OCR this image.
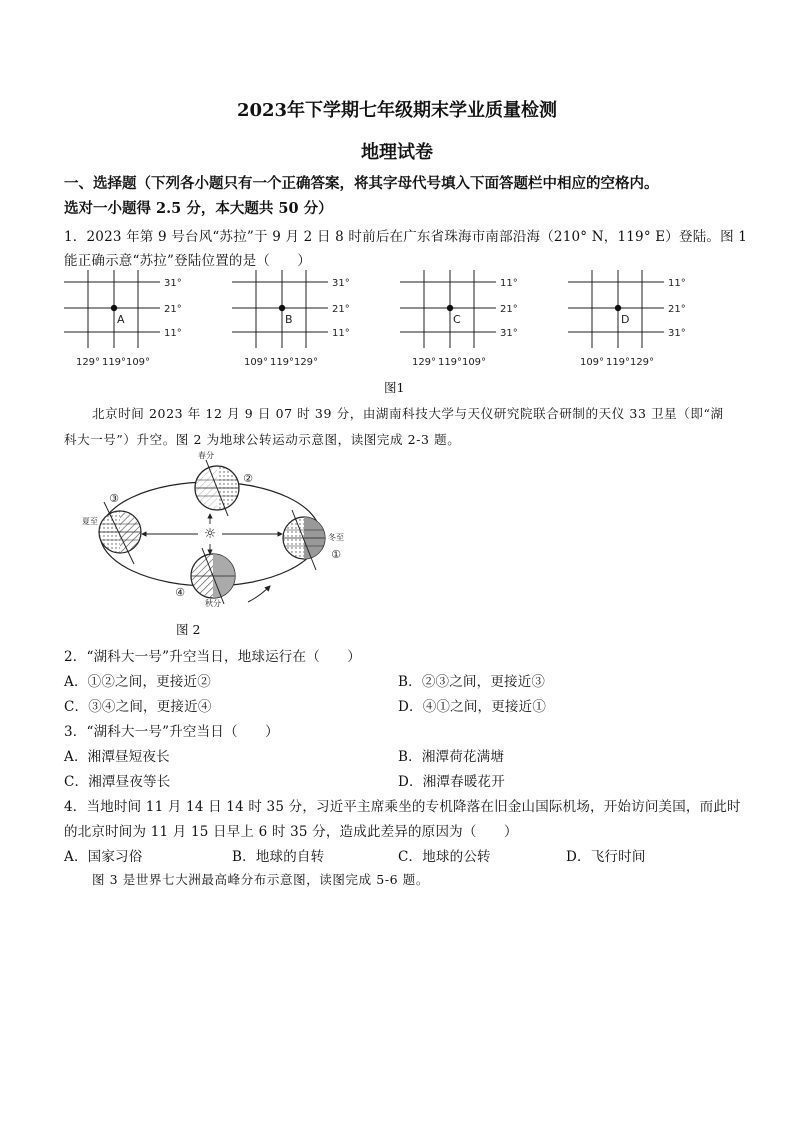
2023年下学期七年级期末学业质量检测
地理试卷
一、选择题（下列各小题只有一个正确答案，将其字母代号填入下面答题栏中相应的空格内。
选对一小题得 2.5 分，本大题共 50 分）
1．2023 年第 9 号台风“苏拉”于 9 月 2 日 8 时前后在广东省珠海市南部沿海（210° N，119° E）登陆。图 1
能正确示意“苏拉”登陆位置的是（　　）
31°
21°
11°
129° 119° 109°
A
31°
21°
11°
109° 119° 129°
B
11°
21°
31°
129° 119° 109°
C
11°
21°
31°
109° 119° 129°
D
图1
北京时间 2023 年 12 月 9 日 07 时 39 分，由湖南科技大学与天仪研究院联合研制的天仪 33 卫星（即“湖
科大一号”）升空。图 2 为地球公转运动示意图，读图完成 2-3 题。
☼
春分
夏至
冬至
秋分
①
②
③
④
图 2
2．“湖科大一号”升空当日，地球运行在（　　）
A．①②之间，更接近②	B．②③之间，更接近③
C．③④之间，更接近④	D．④①之间，更接近①
3．“湖科大一号”升空当日（　　）
A．湘潭昼短夜长	B．湘潭荷花满塘
C．湘潭昼夜等长	D．湘潭春暖花开
4．当地时间 11 月 14 日 14 时 35 分，习近平主席乘坐的专机降落在旧金山国际机场，开始访问美国，而此时
的北京时间为 11 月 15 日早上 6 时 35 分，造成此差异的原因为（　　）
A．国家习俗	B．地球的自转	C．地球的公转	D．飞行时间
图 3 是世界七大洲最高峰分布示意图，读图完成 5-6 题。
